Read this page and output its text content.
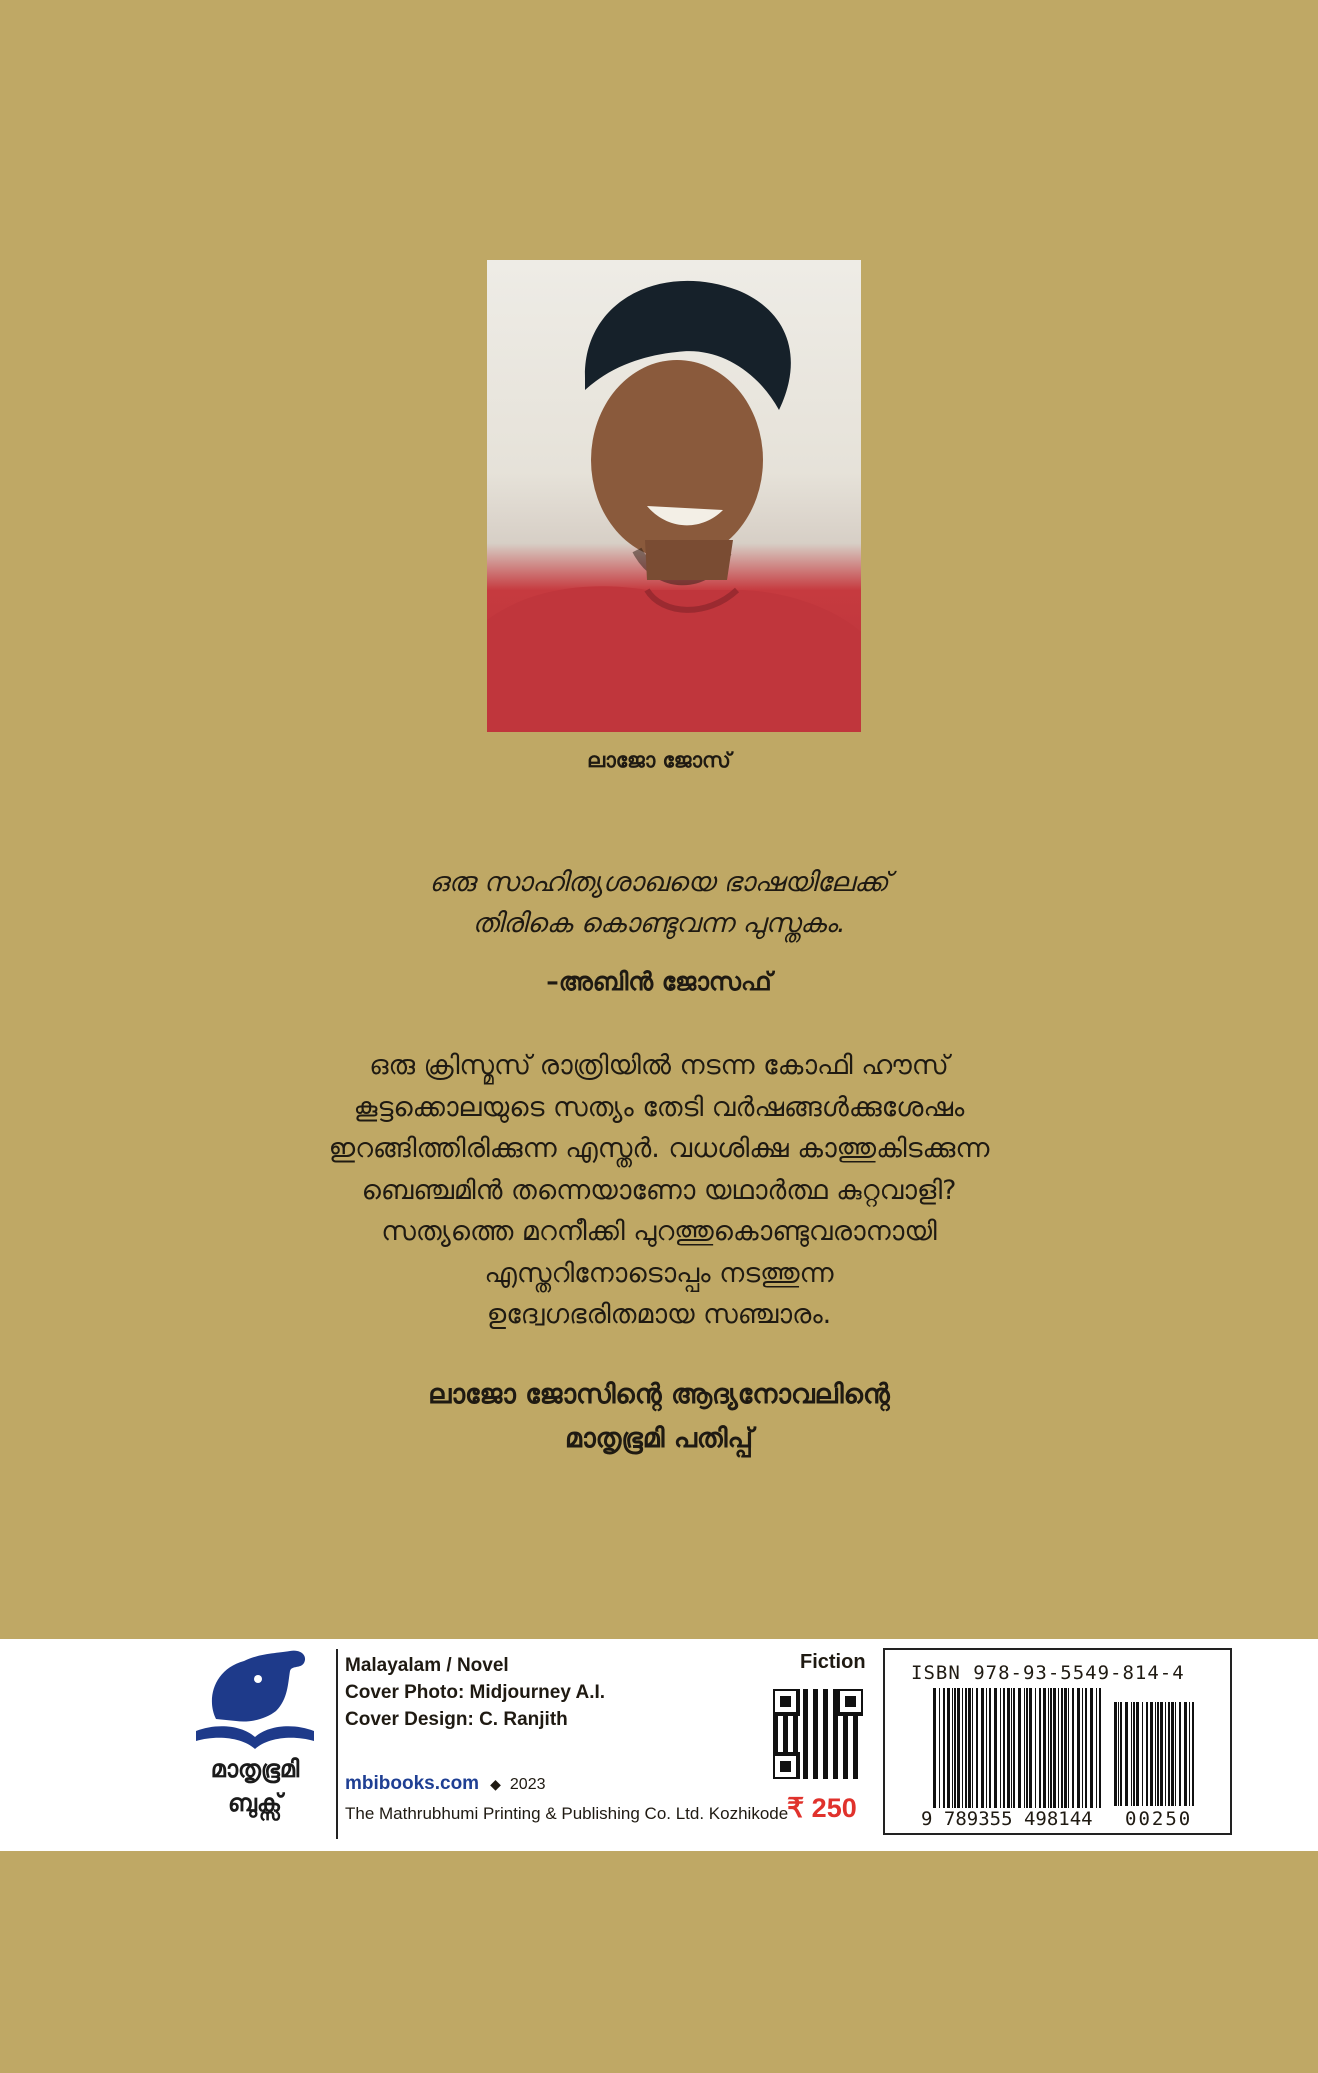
ലാജോ ജോസ്
ഒരു സാഹിത്യശാഖയെ ഭാഷയിലേക്ക്
തിരികെ കൊണ്ടുവന്ന പുസ്തകം.
–അബിൻ ജോസഫ്
ഒരു ക്രിസ്മസ് രാത്രിയിൽ നടന്ന കോഫി ഹൗസ്
കൂട്ടക്കൊലയുടെ സത്യം തേടി വർഷങ്ങൾക്കുശേഷം
ഇറങ്ങിത്തിരിക്കുന്ന എസ്തർ. വധശിക്ഷ കാത്തുകിടക്കുന്ന
ബെഞ്ചമിൻ തന്നെയാണോ യഥാർത്ഥ കുറ്റവാളി?
സത്യത്തെ മറനീക്കി പുറത്തുകൊണ്ടുവരാനായി
എസ്തറിനോടൊപ്പം നടത്തുന്ന
ഉദ്വേഗഭരിതമായ സഞ്ചാരം.
ലാജോ ജോസിന്റെ ആദ്യനോവലിന്റെ
മാതൃഭൂമി പതിപ്പ്
മാതൃഭൂമി
ബുക്സ്
Malayalam / Novel
Cover Photo: Midjourney A.I.
Cover Design: C. Ranjith
mbibooks.com ◆ 2023
The Mathrubhumi Printing & Publishing Co. Ltd. Kozhikode
Fiction
₹ 250
ISBN 978-93-5549-814-4
9 789355 498144 00250
